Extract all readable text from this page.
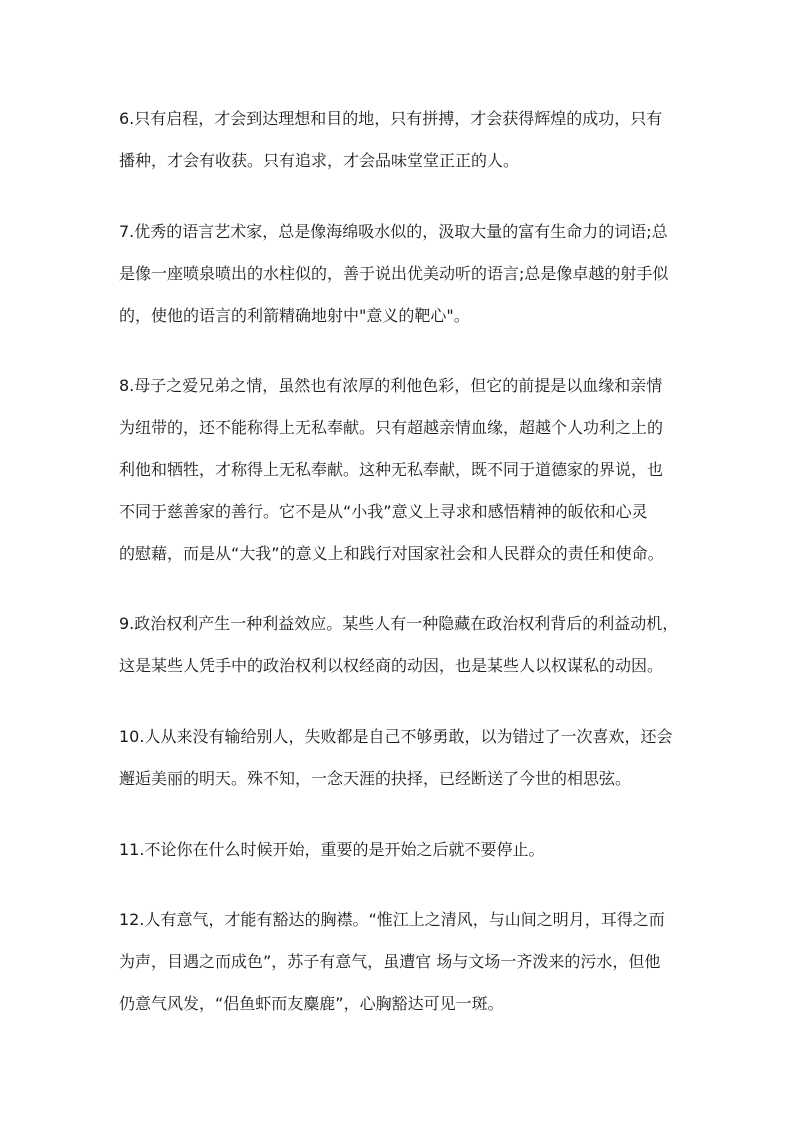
6.只有启程，才会到达理想和目的地，只有拼搏，才会获得辉煌的成功，只有
播种，才会有收获。只有追求，才会品味堂堂正正的人。
7.优秀的语言艺术家，总是像海绵吸水似的，汲取大量的富有生命力的词语;总
是像一座喷泉喷出的水柱似的，善于说出优美动听的语言;总是像卓越的射手似
的，使他的语言的利箭精确地射中"意义的靶心"。
8.母子之爱兄弟之情，虽然也有浓厚的利他色彩，但它的前提是以血缘和亲情
为纽带的，还不能称得上无私奉献。只有超越亲情血缘，超越个人功利之上的
利他和牺牲，才称得上无私奉献。这种无私奉献，既不同于道德家的界说，也
不同于慈善家的善行。它不是从“小我”意义上寻求和感悟精神的皈依和心灵
的慰藉，而是从“大我”的意义上和践行对国家社会和人民群众的责任和使命。
9.政治权利产生一种利益效应。某些人有一种隐藏在政治权利背后的利益动机，
这是某些人凭手中的政治权利以权经商的动因，也是某些人以权谋私的动因。
10.人从来没有输给别人，失败都是自己不够勇敢，以为错过了一次喜欢，还会
邂逅美丽的明天。殊不知，一念天涯的抉择，已经断送了今世的相思弦。
11.不论你在什么时候开始，重要的是开始之后就不要停止。
12.人有意气，才能有豁达的胸襟。“惟江上之清风，与山间之明月，耳得之而
为声，目遇之而成色”，苏子有意气，虽遭官 场与文场一齐泼来的污水，但他
仍意气风发，“侣鱼虾而友麋鹿”，心胸豁达可见一斑。
